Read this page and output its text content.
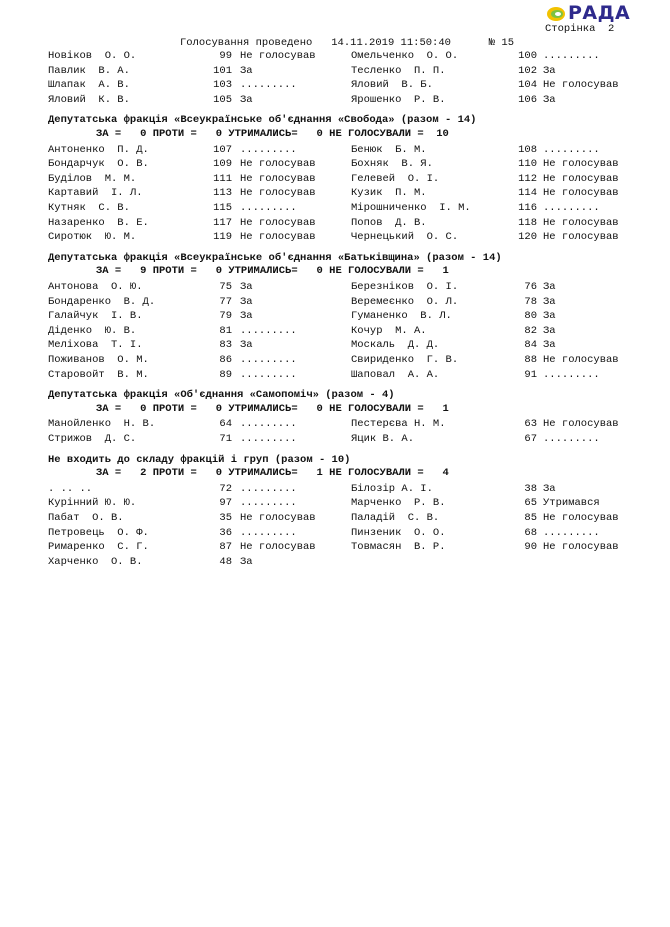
РАДА
Сторінка 2
Голосування проведено 14.11.2019 11:50:40	№ 15
Новіков  О. О.	99 Не голосував	Омельченко  О. О.	100 .........
Павлик  В. А.	101 За	Тесленко  П. П.	102 За
Шлапак  А. В.	103 .........	Яловий  В. Б.	104 Не голосував
Яловий  К. В.	105 За	Ярошенко  Р. В.	106 За
Депутатська фракція «Всеукраїнське об'єднання «Свобода» (разом - 14)
ЗА =   0 ПРОТИ =   0 УТРИМАЛИСЬ=   0 НЕ ГОЛОСУВАЛИ =  10
Антоненко  П. Д.	107 .........	Бенюк  Б. М.	108 .........
Бондарчук  О. В.	109 Не голосував	Бохняк  В. Я.	110 Не голосував
Буділов  М. М.	111 Не голосував	Гелевей  О. І.	112 Не голосував
Картавий  І. Л.	113 Не голосував	Кузик  П. М.	114 Не голосував
Кутняк  С. В.	115 .........	Мірошниченко  І. М.	116 .........
Назаренко  В. Е.	117 Не голосував	Попов  Д. В.	118 Не голосував
Сиротюк  Ю. М.	119 Не голосував	Чернецький  О. С.	120 Не голосував
Депутатська фракція «Всеукраїнське об'єднання «Батьківщина» (разом - 14)
ЗА =   9 ПРОТИ =   0 УТРИМАЛИСЬ=   0 НЕ ГОЛОСУВАЛИ =   1
Антонова  О. Ю.	75 За	Березніков  О. І.	76 За
Бондаренко  В. Д.	77 За	Веремеєнко  О. Л.	78 За
Галайчук  І. В.	79 За	Гуманенко  В. Л.	80 За
Діденко  Ю. В.	81 .........	Кочур  М. А.	82 За
Меліхова  Т. І.	83 За	Москаль  Д. Д.	84 За
Поживанов  О. М.	86 .........	Свириденко  Г. В.	88 Не голосував
Старовойт  В. М.	89 .........	Шаповал  А. А.	91 .........
Депутатська фракція «Об'єднання «Самопоміч» (разом - 4)
ЗА =   0 ПРОТИ =   0 УТРИМАЛИСЬ=   0 НЕ ГОЛОСУВАЛИ =   1
Манойленко  Н. В.	64 .........	Пестерєва Н. М.	63 Не голосував
Стрижов  Д. С.	71 .........	Яцик В. А.	67 .........
Не входить до складу фракцій і груп (разом - 10)
ЗА =   2 ПРОТИ =   0 УТРИМАЛИСЬ=   1 НЕ ГОЛОСУВАЛИ =   4
. .. ..	72 .........	Білозір А. І.	38 За
Курінний Ю. Ю.	97 .........	Марченко  Р. В.	65 Утримався
Пабат  О. В.	35 Не голосував	Паладій  С. В.	85 Не голосував
Петровець  О. Ф.	36 .........	Пинзеник  О. О.	68 .........
Римаренко  С. Г.	87 Не голосував	Товмасян  В. Р.	90 Не голосував
Харченко  О. В.	48 За
